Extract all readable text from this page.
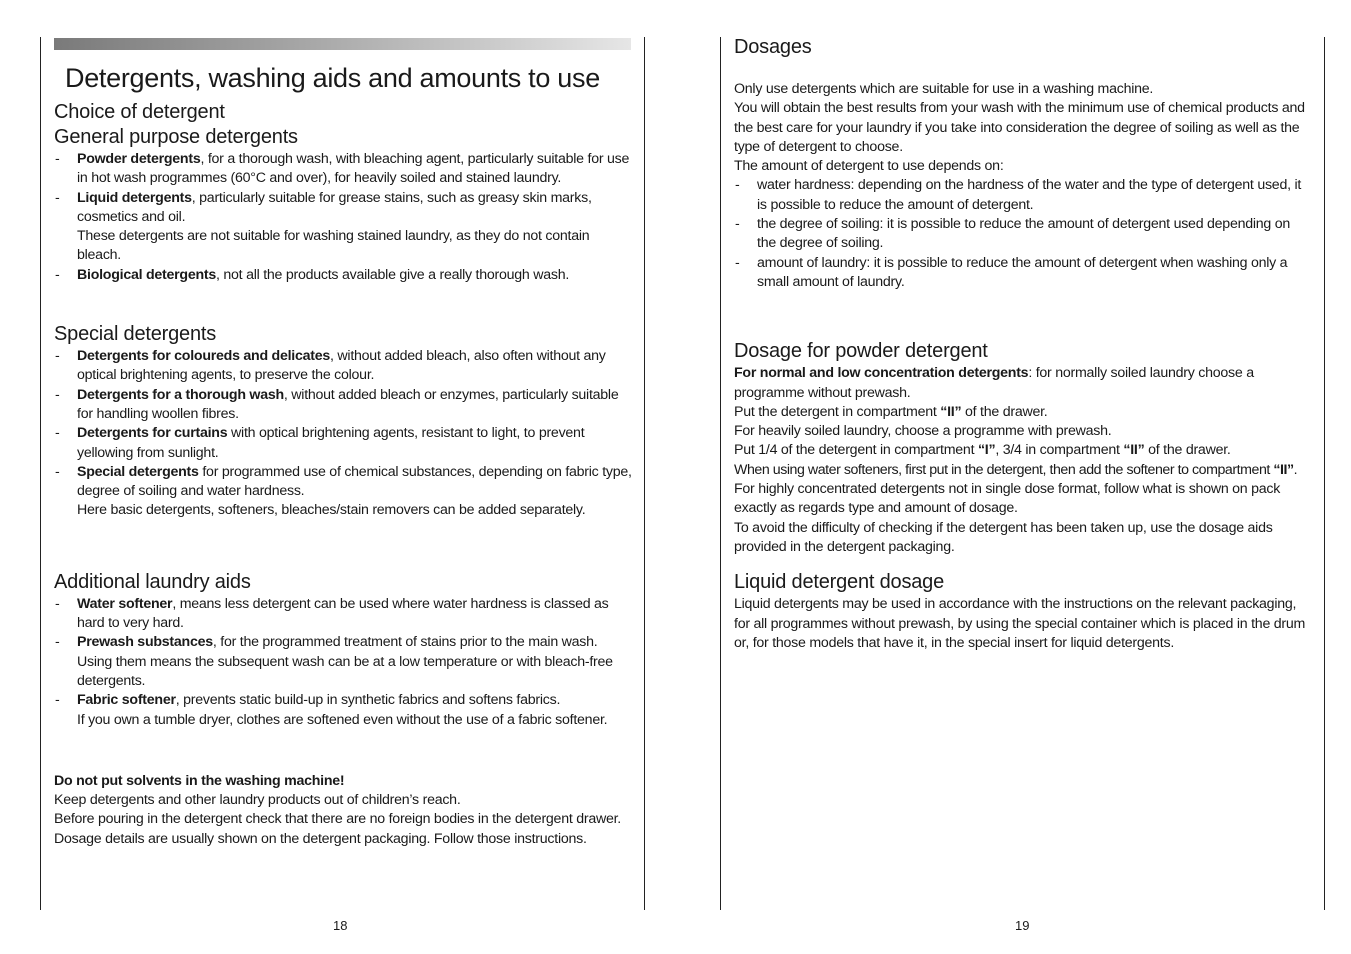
Detergents, washing aids and amounts to use
Choice of detergent
General purpose detergents
- Powder detergents, for a thorough wash, with bleaching agent, particularly suitable for use in hot wash programmes (60°C and over), for heavily soiled and stained laundry.
- Liquid detergents, particularly suitable for grease stains, such as greasy skin marks, cosmetics and oil.
These detergents are not suitable for washing stained laundry, as they do not contain bleach.
- Biological detergents, not all the products available give a really thorough wash.
Special detergents
- Detergents for coloureds and delicates, without added bleach, also often without any optical brightening agents, to preserve the colour.
- Detergents for a thorough wash, without added bleach or enzymes, particularly suitable for handling woollen fibres.
- Detergents for curtains with optical brightening agents, resistant to light, to prevent yellowing from sunlight.
- Special detergents for programmed use of chemical substances, depending on fabric type, degree of soiling and water hardness.
Here basic detergents, softeners, bleaches/stain removers can be added separately.
Additional laundry aids
- Water softener, means less detergent can be used where water hardness is classed as hard to very hard.
- Prewash substances, for the programmed treatment of stains prior to the main wash.
Using them means the subsequent wash can be at a low temperature or with bleach-free detergents.
- Fabric softener, prevents static build-up in synthetic fabrics and softens fabrics.
If you own a tumble dryer, clothes are softened even without the use of a fabric softener.

Do not put solvents in the washing machine!

Keep detergents and other laundry products out of children’s reach.

Before pouring in the detergent check that there are no foreign bodies in the detergent drawer.

Dosage details are usually shown on the detergent packaging. Follow those instructions.

18
Dosages

Only use detergents which are suitable for use in a washing machine.

You will obtain the best results from your wash with the minimum use of chemical products and the best care for your laundry if you take into consideration the degree of soiling as well as the type of detergent to choose.

The amount of detergent to use depends on:

- water hardness: depending on the hardness of the water and the type of detergent used, it is possible to reduce the amount of detergent.
- the degree of soiling: it is possible to reduce the amount of detergent used depending on the degree of soiling.
- amount of laundry: it is possible to reduce the amount of detergent when washing only a small amount of laundry.
Dosage for powder detergent

For normal and low concentration detergents: for normally soiled laundry choose a programme without prewash.

Put the detergent in compartment “II” of the drawer.

For heavily soiled laundry, choose a programme with prewash.

Put 1/4 of the detergent in compartment “I”, 3/4 in compartment “II” of the drawer.

When using water softeners, first put in the detergent, then add the softener to compartment “II”.

For highly concentrated detergents not in single dose format, follow what is shown on pack exactly as regards type and amount of dosage.

To avoid the difficulty of checking if the detergent has been taken up, use the dosage aids provided in the detergent packaging.

Liquid detergent dosage

Liquid detergents may be used in accordance with the instructions on the relevant packaging, for all programmes without prewash, by using the special container which is placed in the drum or, for those models that have it, in the special insert for liquid detergents.

19
